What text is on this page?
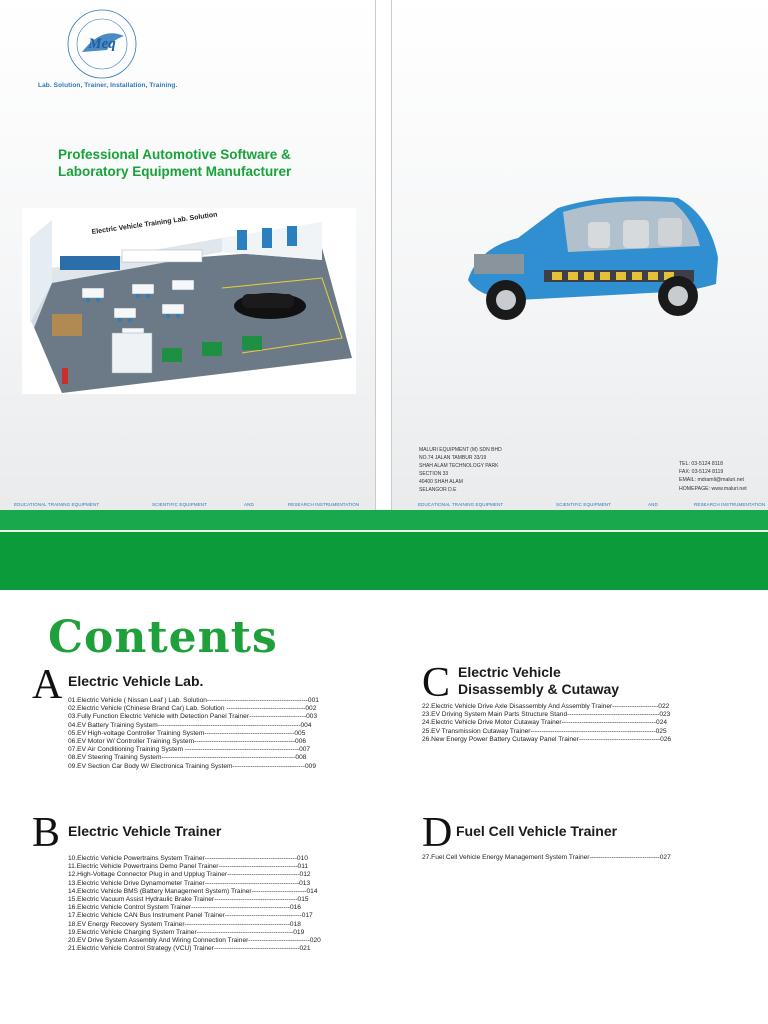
Meq
Lab. Solution, Trainer, Installation, Training.
Professional Automotive Software &
Laboratory Equipment Manufacturer
Electric Vehicle Training Lab. Solution
EDUCATIONAL TRAINING EQUIPMENT	SCIENTIFIC EQUIPMENT	AND	RESEARCH INSTRUMENTATION
MALURI EQUIPMENT (M) SDN BHD
NO.74 JALAN TAMBUR 33/19
SHAH ALAM TECHNOLOGY PARK
SECTION 33
40400 SHAH ALAM
SELANGOR D.E
TEL: 03-5124 8118
FAX: 03-5124 8119
EMAIL: mdramli@maluri.net
HOMEPAGE: www.maluri.net
EDUCATIONAL TRAINING EQUIPMENT	SCIENTIFIC EQUIPMENT	AND	RESEARCH INSTRUMENTATION
Contents
A Electric Vehicle Lab.
01.Electric Vehicle ( Nissan Leaf ) Lab. Solution----------------------------------------------001
02.Electric Vehicle (Chinese Brand Car) Lab. Solution ------------------------------------002
03.Fully Function Electric Vehicle with Detection Panel Trainer--------------------------003
04.EV Battery Training System-----------------------------------------------------------------004
05.EV High-voltage Controller Training System-----------------------------------------005
06.EV Motor W/ Controller Training System----------------------------------------------006
07.EV Air Conditioning Training System ----------------------------------------------------007
08.EV Steering Training System-------------------------------------------------------------008
09.EV Section Car Body W/ Electronica Training System---------------------------------009
B Electric Vehicle Trainer
10.Electric Vehicle Powertrains System Trainer------------------------------------------010
11.Electric Vehicle Powertrains Demo Panel Trainer------------------------------------011
12.High-Voltage Connector Plug in and Upplug Trainer---------------------------------012
13.Electric Vehicle Drive Dynamometer Trainer-------------------------------------------013
14.Electric Vehicle BMS (Battery Management System) Trainer-------------------------014
15.Electric Vacuum Assist Hydraulic Brake Trainer--------------------------------------015
16.Electric Vehicle Control System Trainer---------------------------------------------016
17.Electric Vehicle CAN Bus Instrument Panel Trainer-----------------------------------017
18.EV Energy Recovery System Trainer------------------------------------------------018
19.Electric Vehicle Charging System Trainer--------------------------------------------019
20.EV Drive System Assembly And Wiring Connection Trainer----------------------------020
21.Electric Vehicle Control Strategy (VCU) Trainer---------------------------------------021
C Electric Vehicle
Disassembly & Cutaway
22.Electric Vehicle Drive Axle Disassembly And Assembly Trainer---------------------022
23.EV Driving System Main Parts Structure Stand------------------------------------------023
24.Electric Vehicle Drive Motor Cutaway Trainer-------------------------------------------024
25.EV Transmission Cutaway Trainer---------------------------------------------------------025
26.New Energy Power Battery Cutaway Panel Trainer-------------------------------------026
D Fuel Cell Vehicle Trainer
27.Fuel Cell Vehicle Energy Management System Trainer--------------------------------027
